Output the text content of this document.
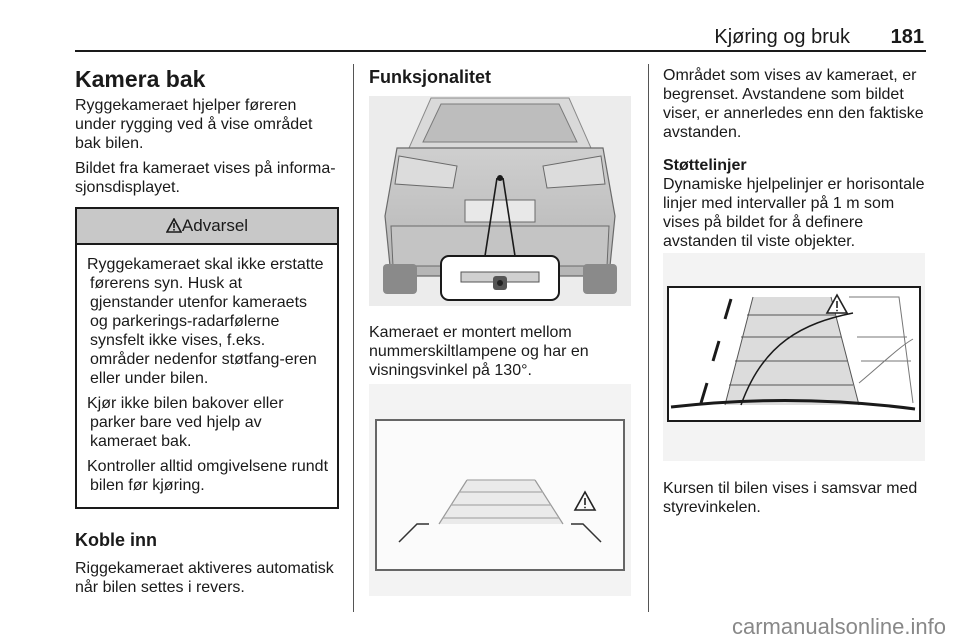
Kjøring og bruk	181
Kamera bak

Ryggekameraet hjelper føreren under rygging ved å vise området bak bilen.

Bildet fra kameraet vises på informa-sjonsdisplayet.

Advarsel

Ryggekameraet skal ikke erstatte førerens syn. Husk at gjenstander utenfor kameraets og parkerings-radarfølerne synsfelt ikke vises, f.eks. områder nedenfor støtfang-eren eller under bilen.

Kjør ikke bilen bakover eller parker bare ved hjelp av kameraet bak.

Kontroller alltid omgivelsene rundt bilen før kjøring.

Koble inn

Riggekameraet aktiveres automatisk når bilen settes i revers.

Funksjonalitet

Kameraet er montert mellom nummerskiltlampene og har en visningsvinkel på 130°.

Området som vises av kameraet, er begrenset. Avstandene som bildet viser, er annerledes enn den faktiske avstanden.

Støttelinjer

Dynamiske hjelpelinjer er horisontale linjer med intervaller på 1 m som vises på bildet for å definere avstanden til viste objekter.

Kursen til bilen vises i samsvar med styrevinkelen.

carmanualsonline.info
